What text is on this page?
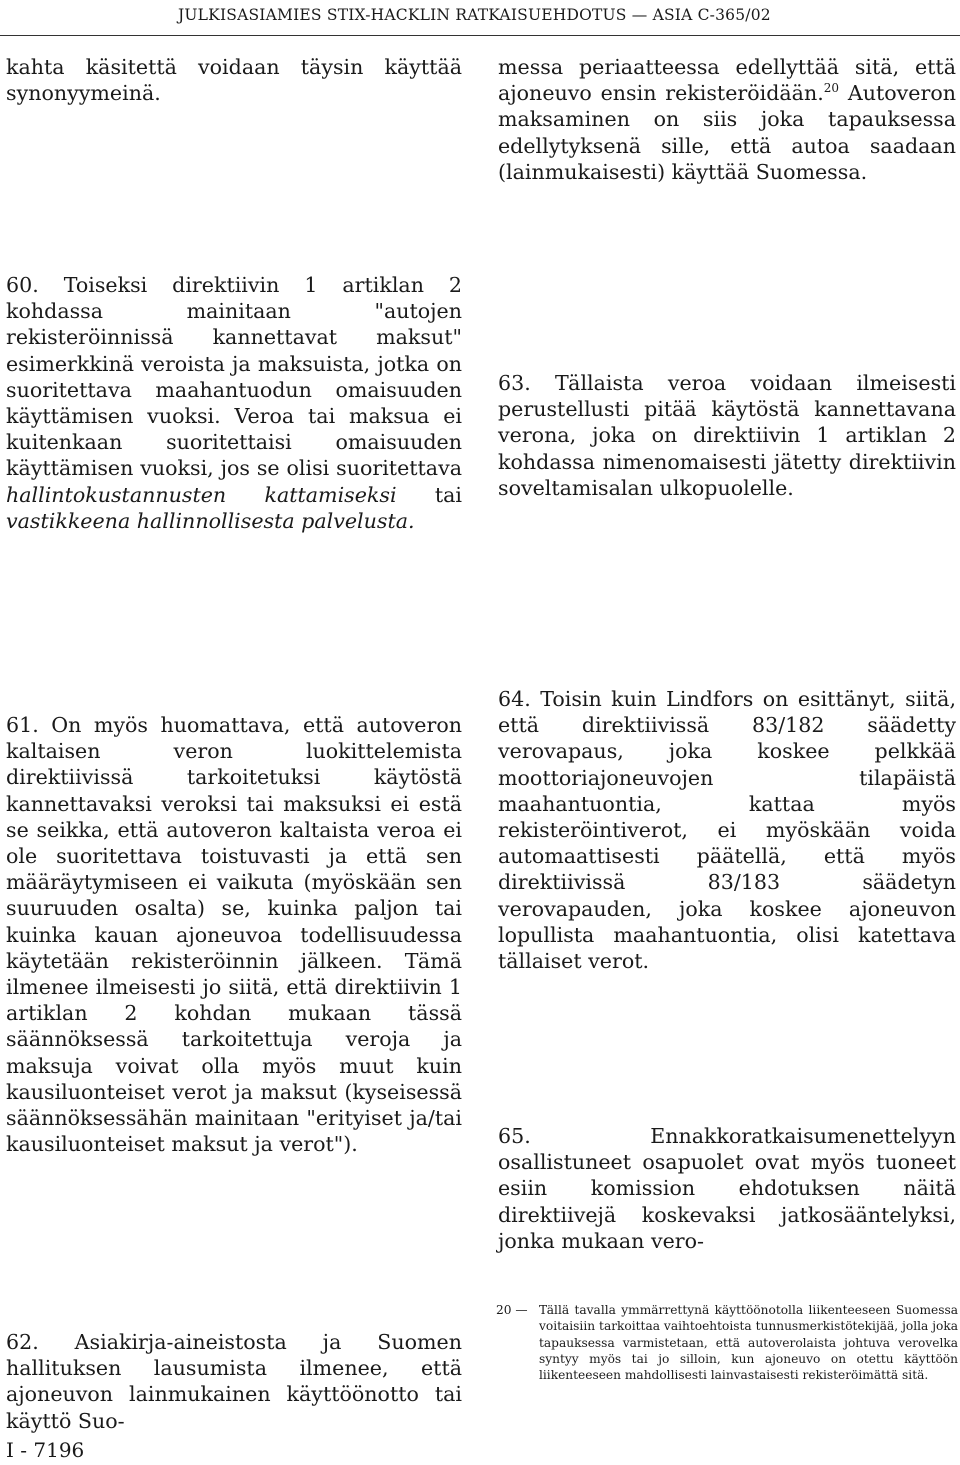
JULKISASIAMIES STIX-HACKLIN RATKAISUEHDOTUS — ASIA C-365/02

kahta käsitettä voidaan täysin käyttää synonyymeinä.

messa periaatteessa edellyttää sitä, että ajoneuvo ensin rekisteröidään.$^{20}$ Autoveron maksaminen on siis joka tapauksessa edellytyksenä sille, että autoa saadaan (lainmukaisesti) käyttää Suomessa.

60. Toiseksi direktiivin 1 artiklan 2 kohdassa mainitaan "autojen rekisteröinnissä kannettavat maksut" esimerkkinä veroista ja maksuista, jotka on suoritettava maahantuodun omaisuuden käyttämisen vuoksi. Veroa tai maksua ei kuitenkaan suoritettaisi omaisuuden käyttämisen vuoksi, jos se olisi suoritettava hallintokustannusten kattamiseksi tai vastikkeena hallinnollisesta palvelusta.

63. Tällaista veroa voidaan ilmeisesti perustellusti pitää käytöstä kannettavana verona, joka on direktiivin 1 artiklan 2 kohdassa nimenomaisesti jätetty direktiivin soveltamisalan ulkopuolelle.

61. On myös huomattava, että autoveron kaltaisen veron luokittelemista direktiivissä tarkoitetuksi käytöstä kannettavaksi veroksi tai maksuksi ei estä se seikka, että autoveron kaltaista veroa ei ole suoritettava toistuvasti ja että sen määräytymiseen ei vaikuta (myöskään sen suuruuden osalta) se, kuinka paljon tai kuinka kauan ajoneuvoa todellisuudessa käytetään rekisteröinnin jälkeen. Tämä ilmenee ilmeisesti jo siitä, että direktiivin 1 artiklan 2 kohdan mukaan tässä säännöksessä tarkoitettuja veroja ja maksuja voivat olla myös muut kuin kausiluonteiset verot ja maksut (kyseisessä säännöksessähän mainitaan "erityiset ja/tai kausiluonteiset maksut ja verot").

64. Toisin kuin Lindfors on esittänyt, siitä, että direktiivissä 83/182 säädetty verovapaus, joka koskee pelkkää moottoriajoneuvojen tilapäistä maahantuontia, kattaa myös rekisteröintiverot, ei myöskään voida automaattisesti päätellä, että myös direktiivissä 83/183 säädetyn verovapauden, joka koskee ajoneuvon lopullista maahantuontia, olisi katettava tällaiset verot.

65. Ennakkoratkaisumenettelyyn osallistuneet osapuolet ovat myös tuoneet esiin komission ehdotuksen näitä direktiivejä koskevaksi jatkosääntelyksi, jonka mukaan vero-

62. Asiakirja-aineistosta ja Suomen hallituksen lausumista ilmenee, että ajoneuvon lainmukainen käyttöönotto tai käyttö Suo-

20 — Tällä tavalla ymmärrettynä käyttöönotolla liikenteeseen Suomessa voitaisiin tarkoittaa vaihtoehtoista tunnusmerkistötekijää, jolla joka tapauksessa varmistetaan, että autoverolaista johtuva verovelka syntyy myös tai jo silloin, kun ajoneuvo on otettu käyttöön liikenteeseen mahdollisesti lainvastaisesti rekisteröimättä sitä.
I - 7196
